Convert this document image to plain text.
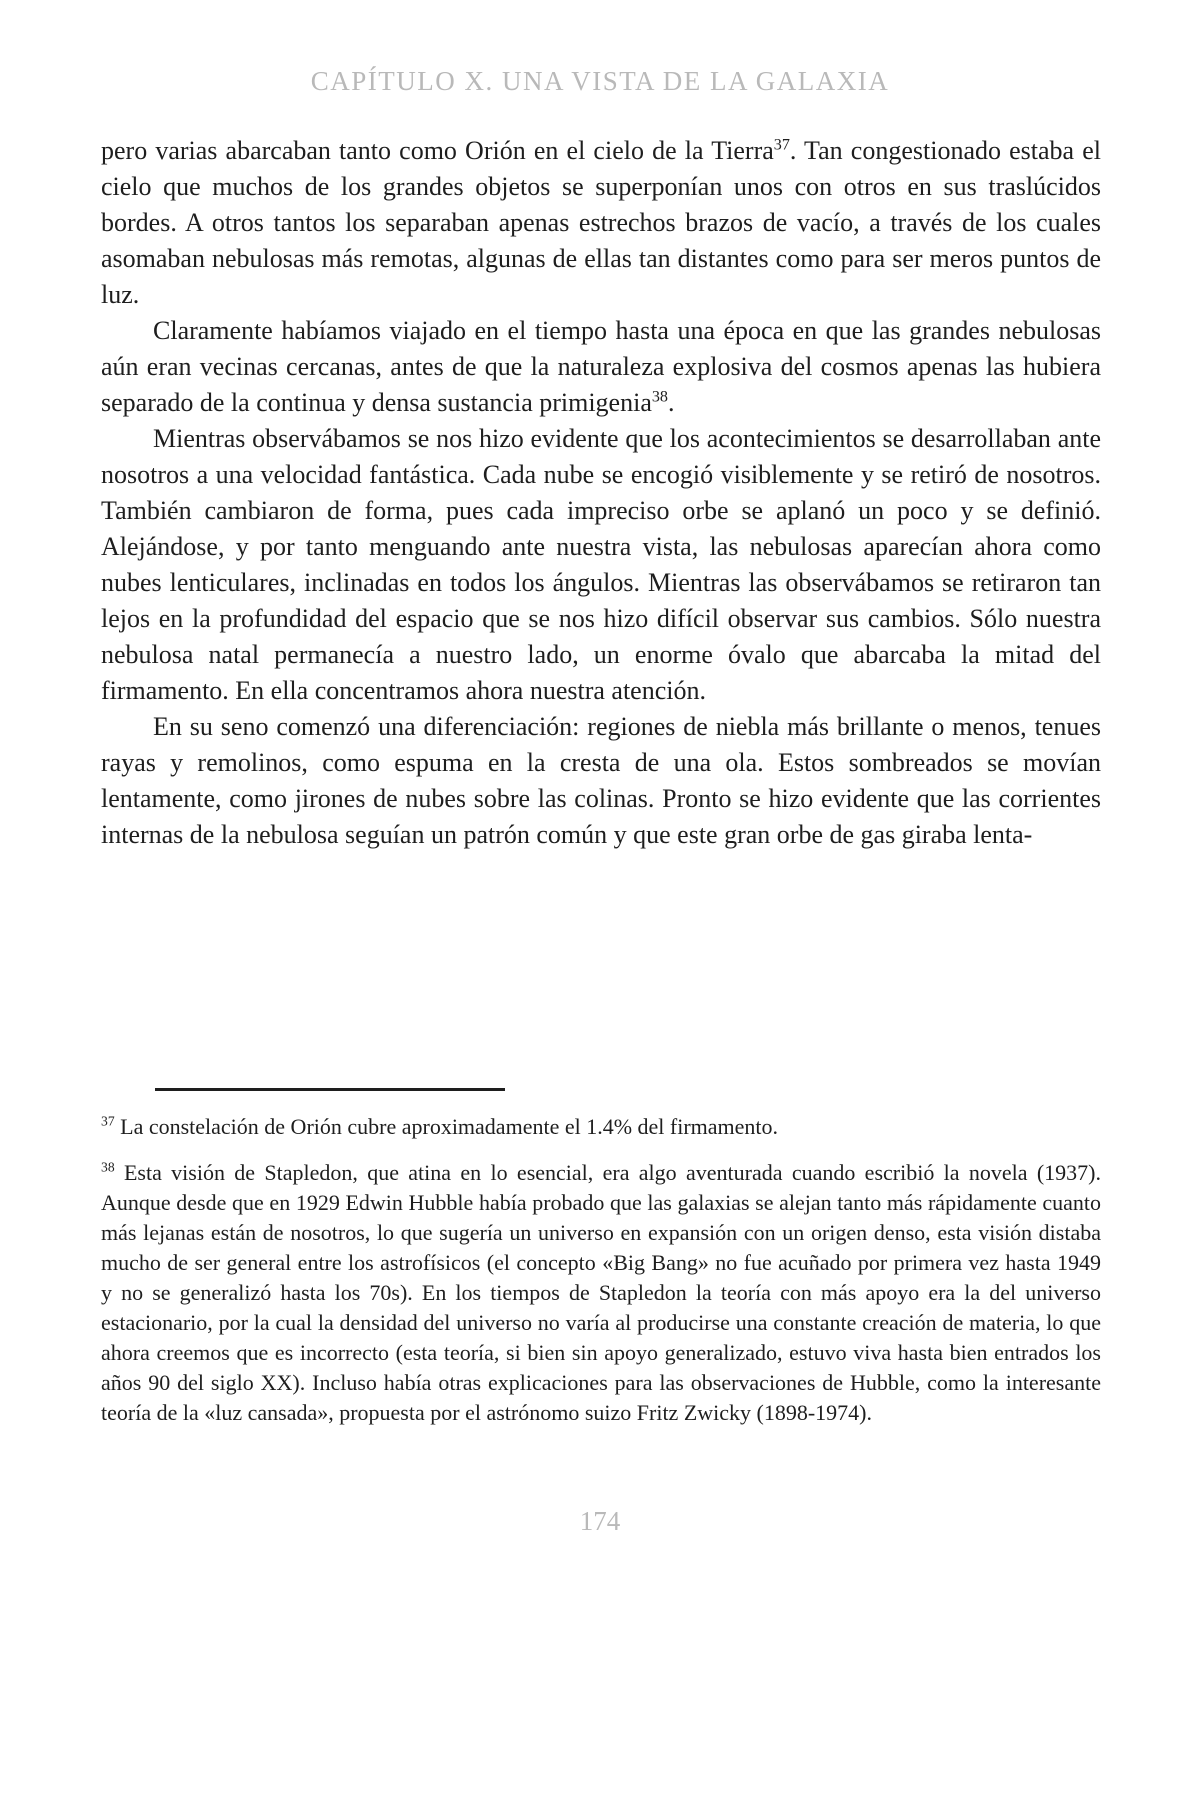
CAPÍTULO X. UNA VISTA DE LA GALAXIA

pero varias abarcaban tanto como Orión en el cielo de la Tierra$^{37}$. Tan congestionado estaba el cielo que muchos de los grandes objetos se superponían unos con otros en sus traslúcidos bordes. A otros tantos los separaban apenas estrechos brazos de vacío, a través de los cuales asomaban nebulosas más remotas, algunas de ellas tan distantes como para ser meros puntos de luz.

Claramente habíamos viajado en el tiempo hasta una época en que las grandes nebulosas aún eran vecinas cercanas, antes de que la naturaleza explosiva del cosmos apenas las hubiera separado de la continua y densa sustancia primigenia$^{38}$.

Mientras observábamos se nos hizo evidente que los acontecimientos se desarrollaban ante nosotros a una velocidad fantástica. Cada nube se encogió visiblemente y se retiró de nosotros. También cambiaron de forma, pues cada impreciso orbe se aplanó un poco y se definió. Alejándose, y por tanto menguando ante nuestra vista, las nebulosas aparecían ahora como nubes lenticulares, inclinadas en todos los ángulos. Mientras las observábamos se retiraron tan lejos en la profundidad del espacio que se nos hizo difícil observar sus cambios. Sólo nuestra nebulosa natal permanecía a nuestro lado, un enorme óvalo que abarcaba la mitad del firmamento. En ella concentramos ahora nuestra atención.

En su seno comenzó una diferenciación: regiones de niebla más brillante o menos, tenues rayas y remolinos, como espuma en la cresta de una ola. Estos sombreados se movían lentamente, como jirones de nubes sobre las colinas. Pronto se hizo evidente que las corrientes internas de la nebulosa seguían un patrón común y que este gran orbe de gas giraba lenta-

$^{37}$ La constelación de Orión cubre aproximadamente el 1.4% del firmamento.

$^{38}$ Esta visión de Stapledon, que atina en lo esencial, era algo aventurada cuando escribió la novela (1937). Aunque desde que en 1929 Edwin Hubble había probado que las galaxias se alejan tanto más rápidamente cuanto más lejanas están de nosotros, lo que sugería un universo en expansión con un origen denso, esta visión distaba mucho de ser general entre los astrofísicos (el concepto «Big Bang» no fue acuñado por primera vez hasta 1949 y no se generalizó hasta los 70s). En los tiempos de Stapledon la teoría con más apoyo era la del universo estacionario, por la cual la densidad del universo no varía al producirse una constante creación de materia, lo que ahora creemos que es incorrecto (esta teoría, si bien sin apoyo generalizado, estuvo viva hasta bien entrados los años 90 del siglo XX). Incluso había otras explicaciones para las observaciones de Hubble, como la interesante teoría de la «luz cansada», propuesta por el astrónomo suizo Fritz Zwicky (1898-1974).

174
